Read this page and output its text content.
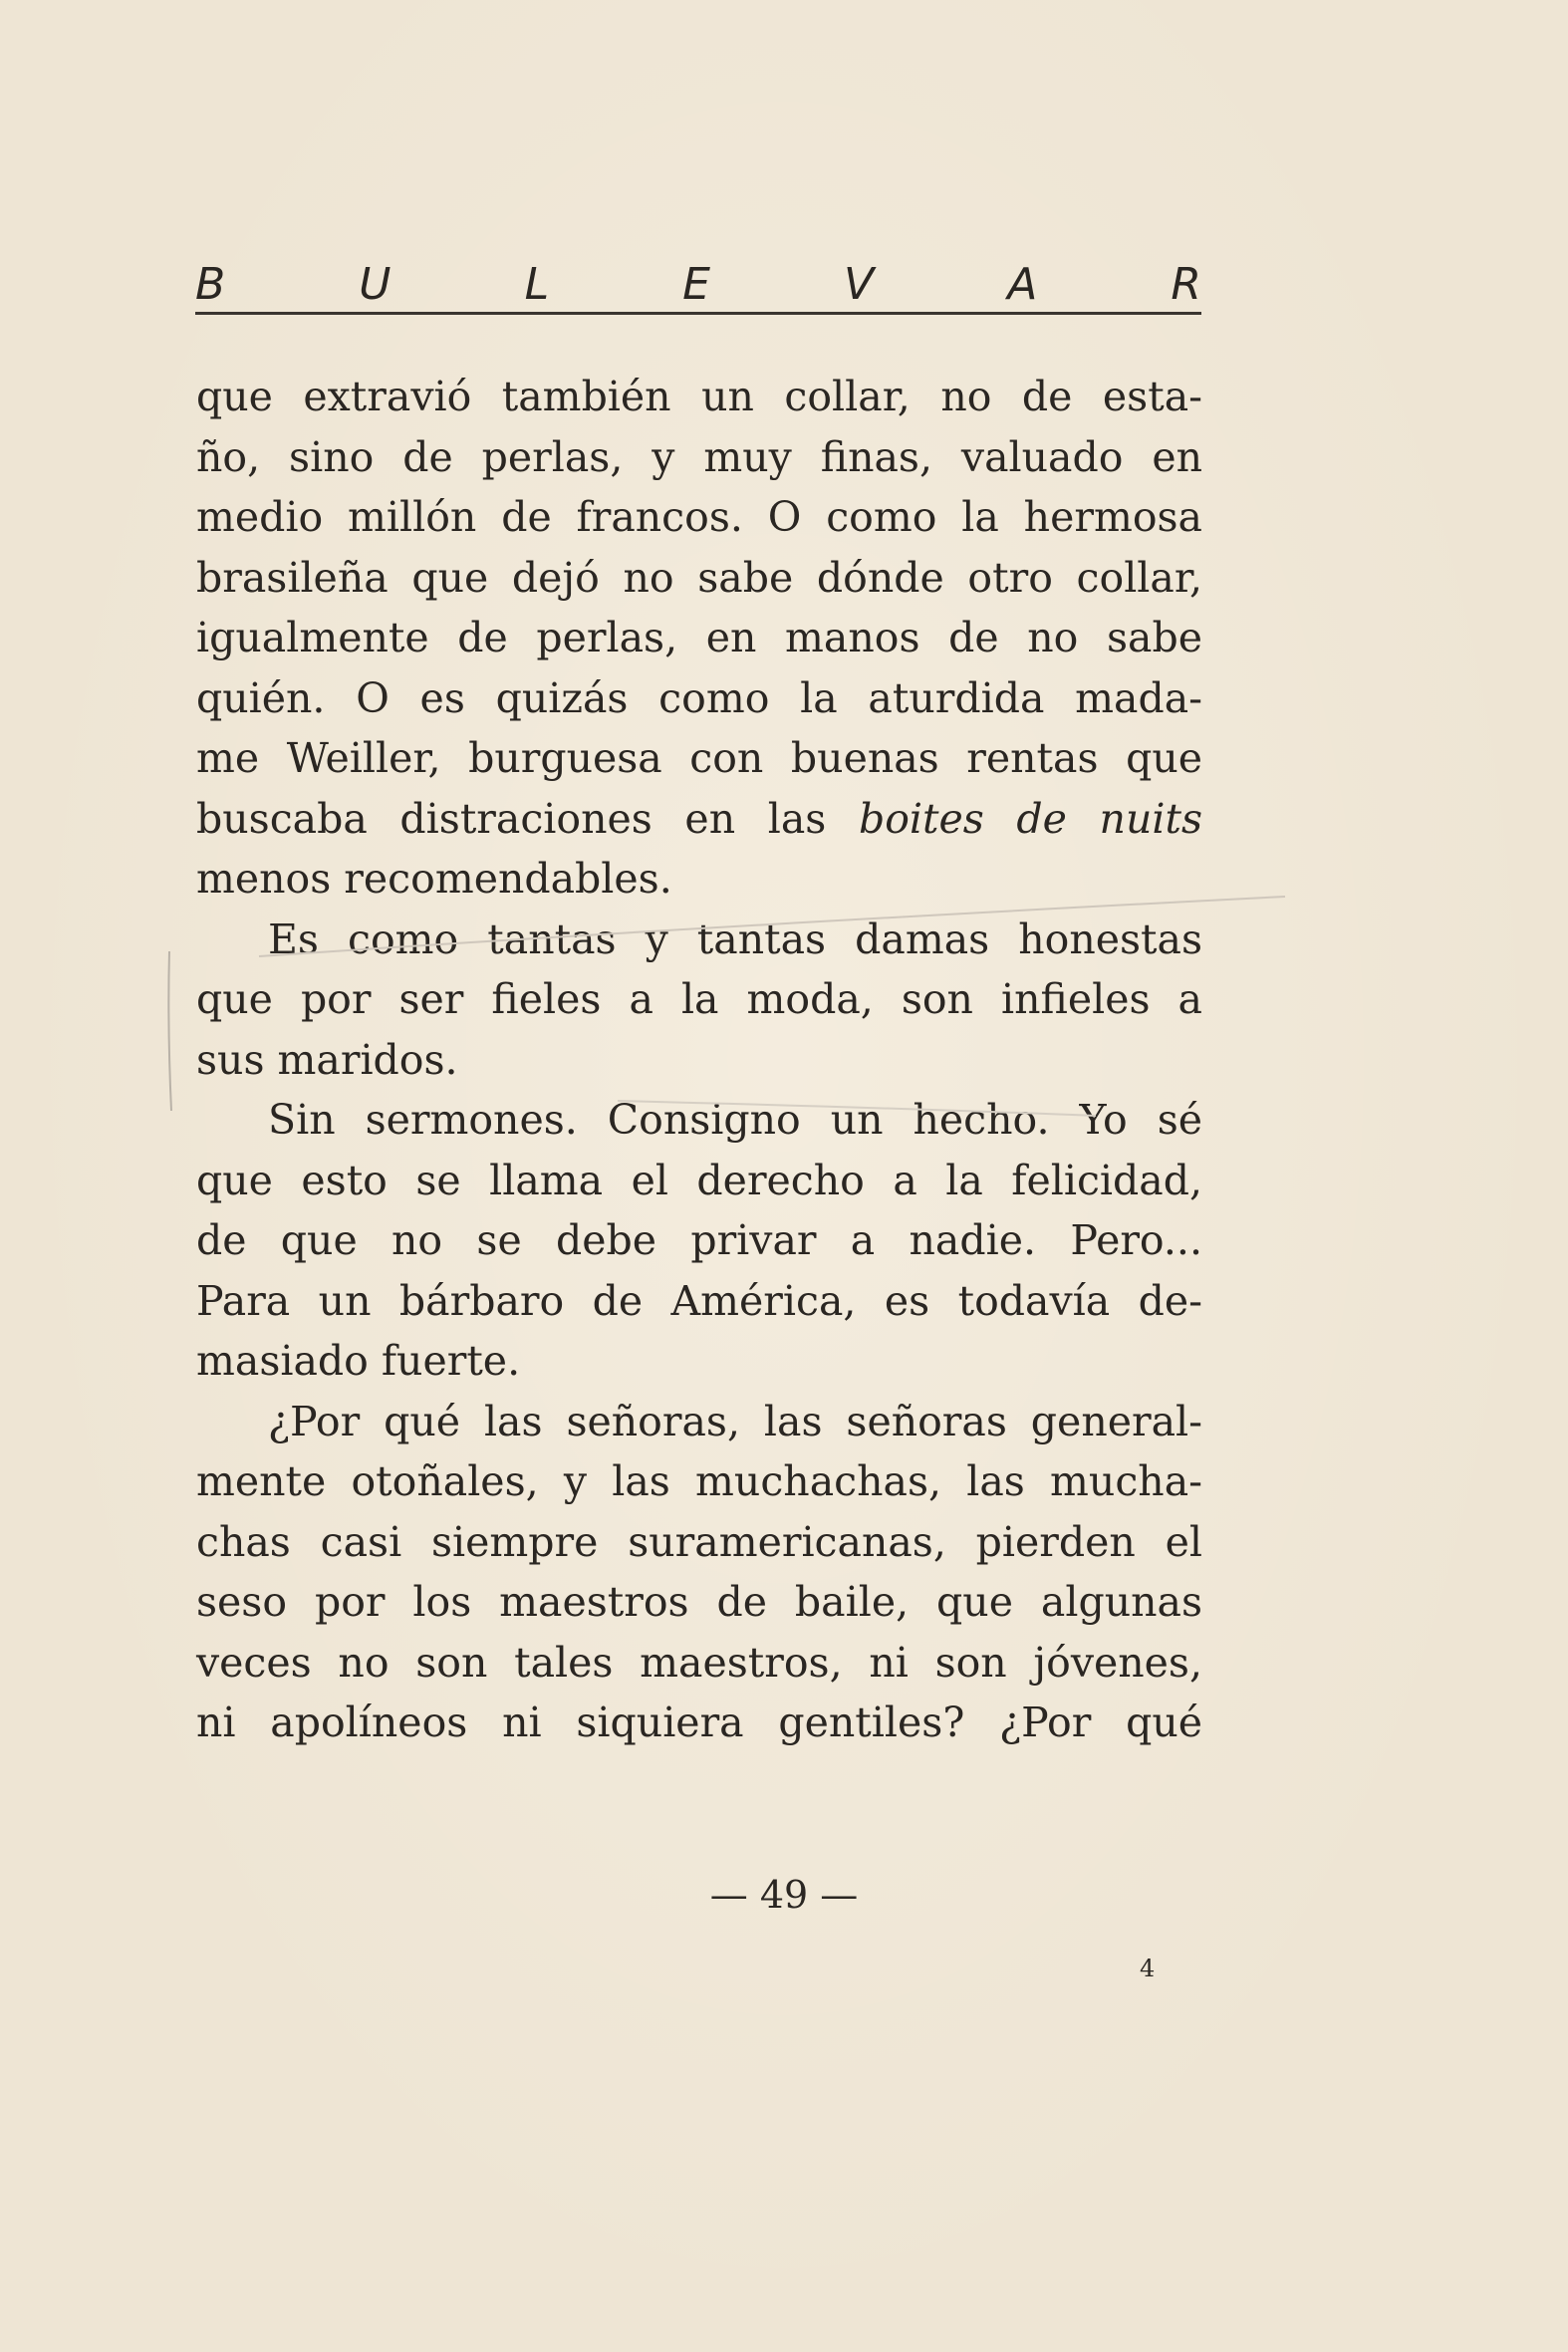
B	U	L	E	V	A	R
que extravió también un collar, no de esta-
ño, sino de perlas, y muy finas, valuado en
medio millón de francos. O como la hermosa
brasileña que dejó no sabe dónde otro collar,
igualmente de perlas, en manos de no sabe
quién. O es quizás como la aturdida mada-
me Weiller, burguesa con buenas rentas que
buscaba distraciones en las boites de nuits
menos recomendables.
Es como tantas y tantas damas honestas
que por ser fieles a la moda, son infieles a
sus maridos.
Sin sermones. Consigno un hecho. Yo sé
que esto se llama el derecho a la felicidad,
de que no se debe privar a nadie. Pero...
Para un bárbaro de América, es todavía de-
masiado fuerte.
¿Por qué las señoras, las señoras general-
mente otoñales, y las muchachas, las mucha-
chas casi siempre suramericanas, pierden el
seso por los maestros de baile, que algunas
veces no son tales maestros, ni son jóvenes,
ni apolíneos ni siquiera gentiles? ¿Por qué
— 49 —
4
